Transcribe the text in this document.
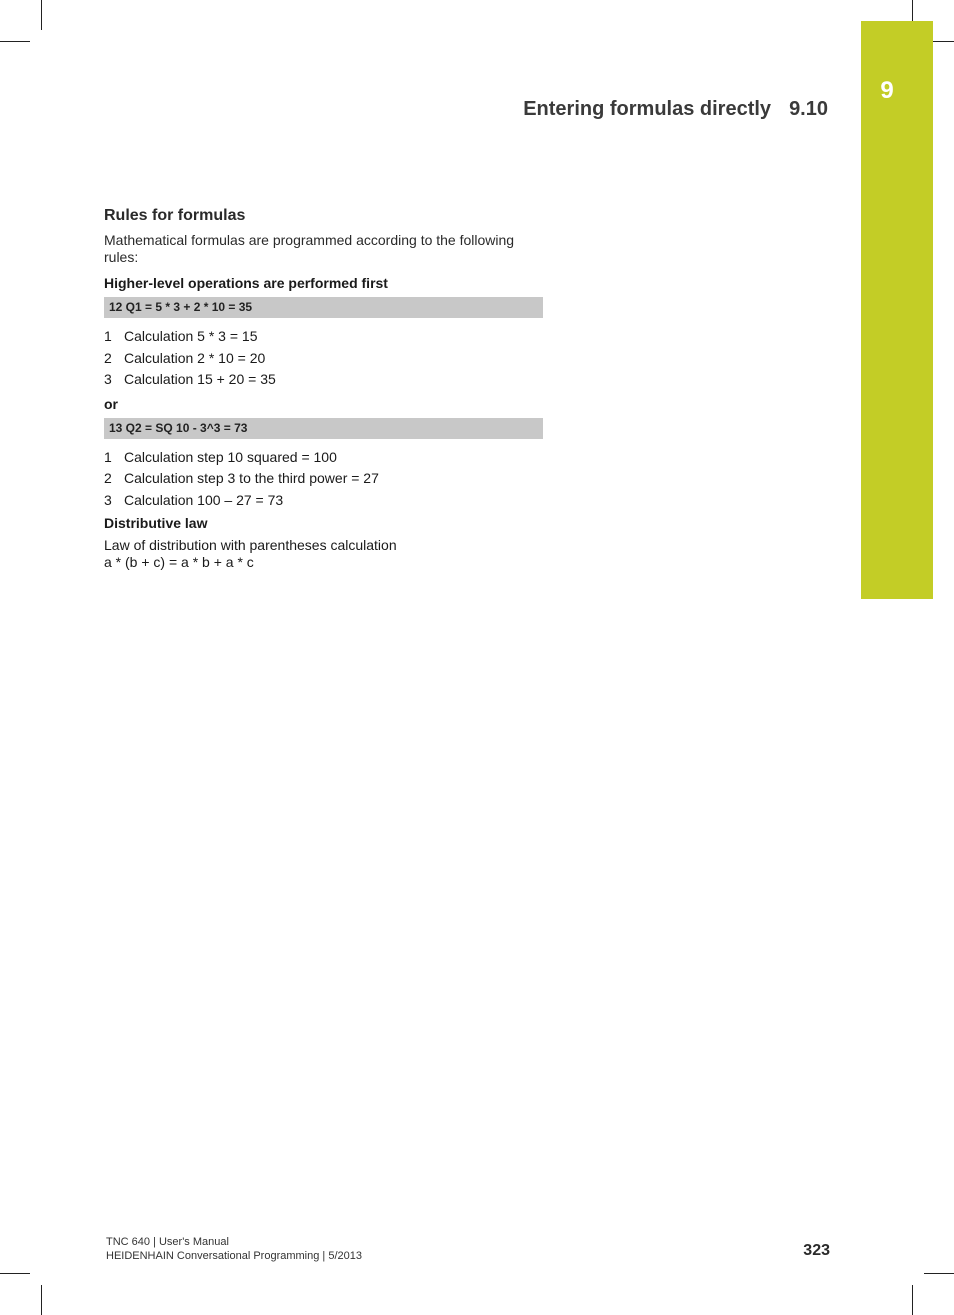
9
Entering formulas directly 9.10
Rules for formulas

Mathematical formulas are programmed according to the following rules:

Higher-level operations are performed first
12 Q1 = 5 * 3 + 2 * 10 = 35
1 Calculation 5 * 3 = 15
2 Calculation 2 * 10 = 20
3 Calculation 15 + 20 = 35
or
13 Q2 = SQ 10 - 3^3 = 73
1 Calculation step 10 squared = 100
2 Calculation step 3 to the third power = 27
3 Calculation 100 – 27 = 73
Distributive law
Law of distribution with parentheses calculation
a * (b + c) = a * b + a * c
TNC 640 | User's Manual
HEIDENHAIN Conversational Programming | 5/2013	323
